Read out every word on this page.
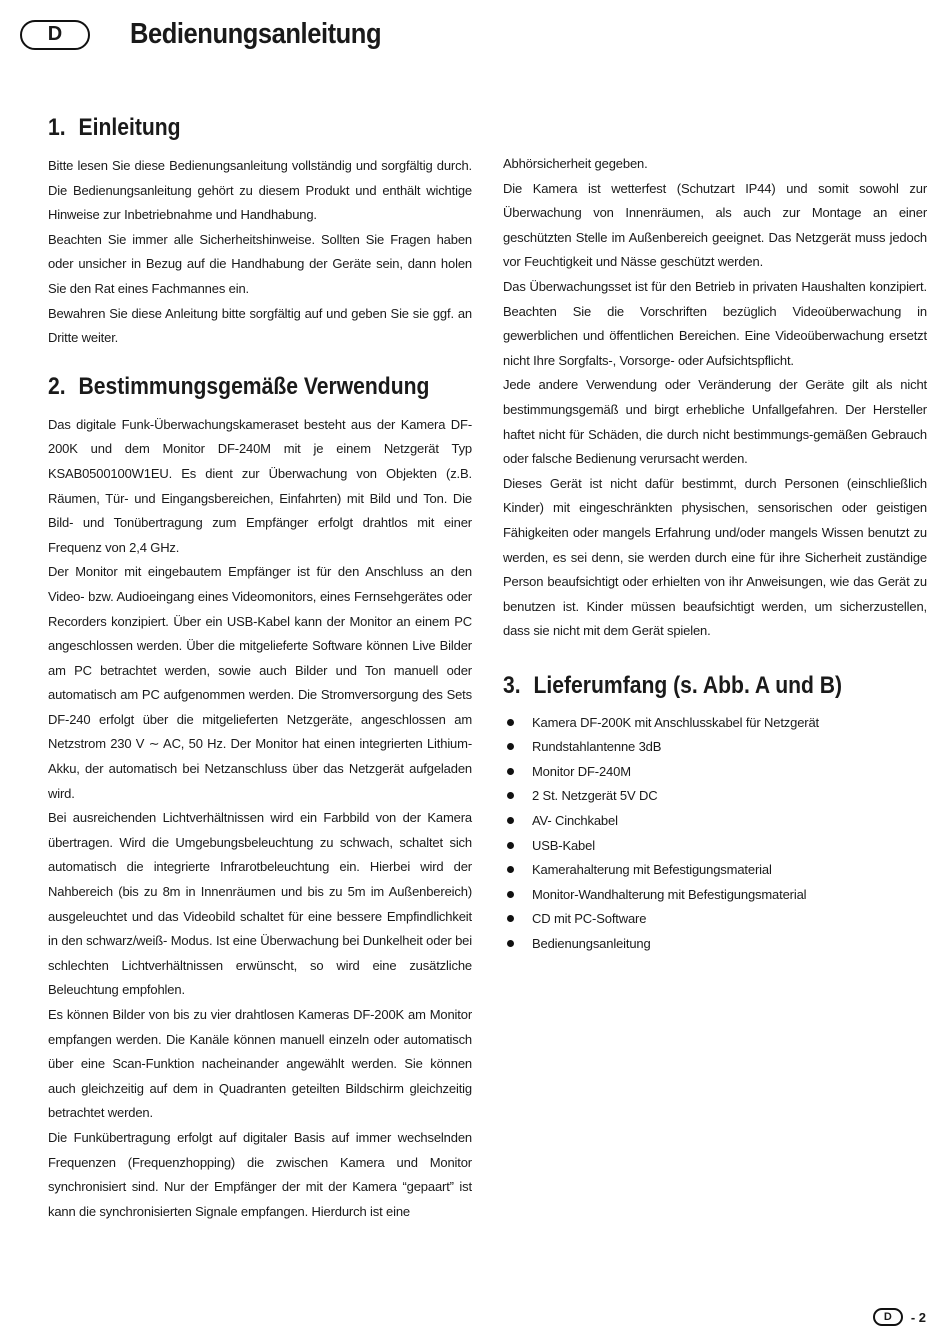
D	Bedienungsanleitung
1. Einleitung

Bitte lesen Sie diese Bedienungsanleitung vollständig und sorgfältig durch. Die Bedienungsanleitung gehört zu diesem Produkt und enthält wichtige Hinweise zur Inbetriebnahme und Handhabung.

Beachten Sie immer alle Sicherheitshinweise. Sollten Sie Fragen haben oder unsicher in Bezug auf die Handhabung der Geräte sein, dann holen Sie den Rat eines Fachmannes ein.

Bewahren Sie diese Anleitung bitte sorgfältig auf und geben Sie sie ggf. an Dritte weiter.

2. Bestimmungsgemäße Verwendung

Das digitale Funk-Überwachungskameraset besteht aus der Kamera DF-200K und dem Monitor DF-240M mit je einem Netzgerät Typ KSAB0500100W1EU. Es dient zur Überwachung von Objekten (z.B. Räumen, Tür- und Eingangsbereichen, Einfahrten) mit Bild und Ton. Die Bild- und Tonübertragung zum Empfänger erfolgt drahtlos mit einer Frequenz von 2,4 GHz.

Der Monitor mit eingebautem Empfänger ist für den Anschluss an den Video- bzw. Audioeingang eines Videomonitors, eines Fernsehgerätes oder Recorders konzipiert. Über ein USB-Kabel kann der Monitor an einem PC angeschlossen werden. Über die mitgelieferte Software können Live Bilder am PC betrachtet werden, sowie auch Bilder und Ton manuell oder automatisch am PC aufgenommen werden. Die Stromversorgung des Sets DF-240 erfolgt über die mitgelieferten Netzgeräte, angeschlossen am Netzstrom 230 V ∼ AC, 50 Hz. Der Monitor hat einen integrierten Lithium-Akku, der automatisch bei Netzanschluss über das Netzgerät aufgeladen wird.

Bei ausreichenden Lichtverhältnissen wird ein Farbbild von der Kamera übertragen. Wird die Umgebungsbeleuchtung zu schwach, schaltet sich automatisch die integrierte Infrarotbeleuchtung ein. Hierbei wird der Nahbereich (bis zu 8m in Innenräumen und bis zu 5m im Außenbereich) ausgeleuchtet und das Videobild schaltet für eine bessere Empfindlichkeit in den schwarz/weiß- Modus. Ist eine Überwachung bei Dunkelheit oder bei schlechten Lichtverhältnissen erwünscht, so wird eine zusätzliche Beleuchtung empfohlen.

Es können Bilder von bis zu vier drahtlosen Kameras DF-200K am Monitor empfangen werden. Die Kanäle können manuell einzeln oder automatisch über eine Scan-Funktion nacheinander angewählt werden. Sie können auch gleichzeitig auf dem in Quadranten geteilten Bildschirm gleichzeitig betrachtet werden.

Die Funkübertragung erfolgt auf digitaler Basis auf immer wechselnden Frequenzen (Frequenzhopping) die zwischen Kamera und Monitor synchronisiert sind. Nur der Empfänger der mit der Kamera “gepaart” ist kann die synchronisierten Signale empfangen. Hierdurch ist eine

Abhörsicherheit gegeben.

Die Kamera ist wetterfest (Schutzart IP44) und somit sowohl zur Überwachung von Innenräumen, als auch zur Montage an einer geschützten Stelle im Außenbereich geeignet. Das Netzgerät muss jedoch vor Feuchtigkeit und Nässe geschützt werden.

Das Überwachungsset ist für den Betrieb in privaten Haushalten konzipiert. Beachten Sie die Vorschriften bezüglich Videoüberwachung in gewerblichen und öffentlichen Bereichen. Eine Videoüberwachung ersetzt nicht Ihre Sorgfalts-, Vorsorge- oder Aufsichtspflicht.

Jede andere Verwendung oder Veränderung der Geräte gilt als nicht bestimmungsgemäß und birgt erhebliche Unfallgefahren. Der Hersteller haftet nicht für Schäden, die durch nicht bestimmungs-gemäßen Gebrauch oder falsche Bedienung verursacht werden.

Dieses Gerät ist nicht dafür bestimmt, durch Personen (einschließlich Kinder) mit eingeschränkten physischen, sensorischen oder geistigen Fähigkeiten oder mangels Erfahrung und/oder mangels Wissen benutzt zu werden, es sei denn, sie werden durch eine für ihre Sicherheit zuständige Person beaufsichtigt oder erhielten von ihr Anweisungen, wie das Gerät zu benutzen ist. Kinder müssen beaufsichtigt werden, um sicherzustellen, dass sie nicht mit dem Gerät spielen.

3. Lieferumfang (s. Abb. A und B)
Kamera DF-200K mit Anschlusskabel für Netzgerät
Rundstahlantenne 3dB
Monitor DF-240M
2 St. Netzgerät 5V DC
AV- Cinchkabel
USB-Kabel
Kamerahalterung mit Befestigungsmaterial
Monitor-Wandhalterung mit Befestigungsmaterial
CD mit PC-Software
Bedienungsanleitung
D	- 2
